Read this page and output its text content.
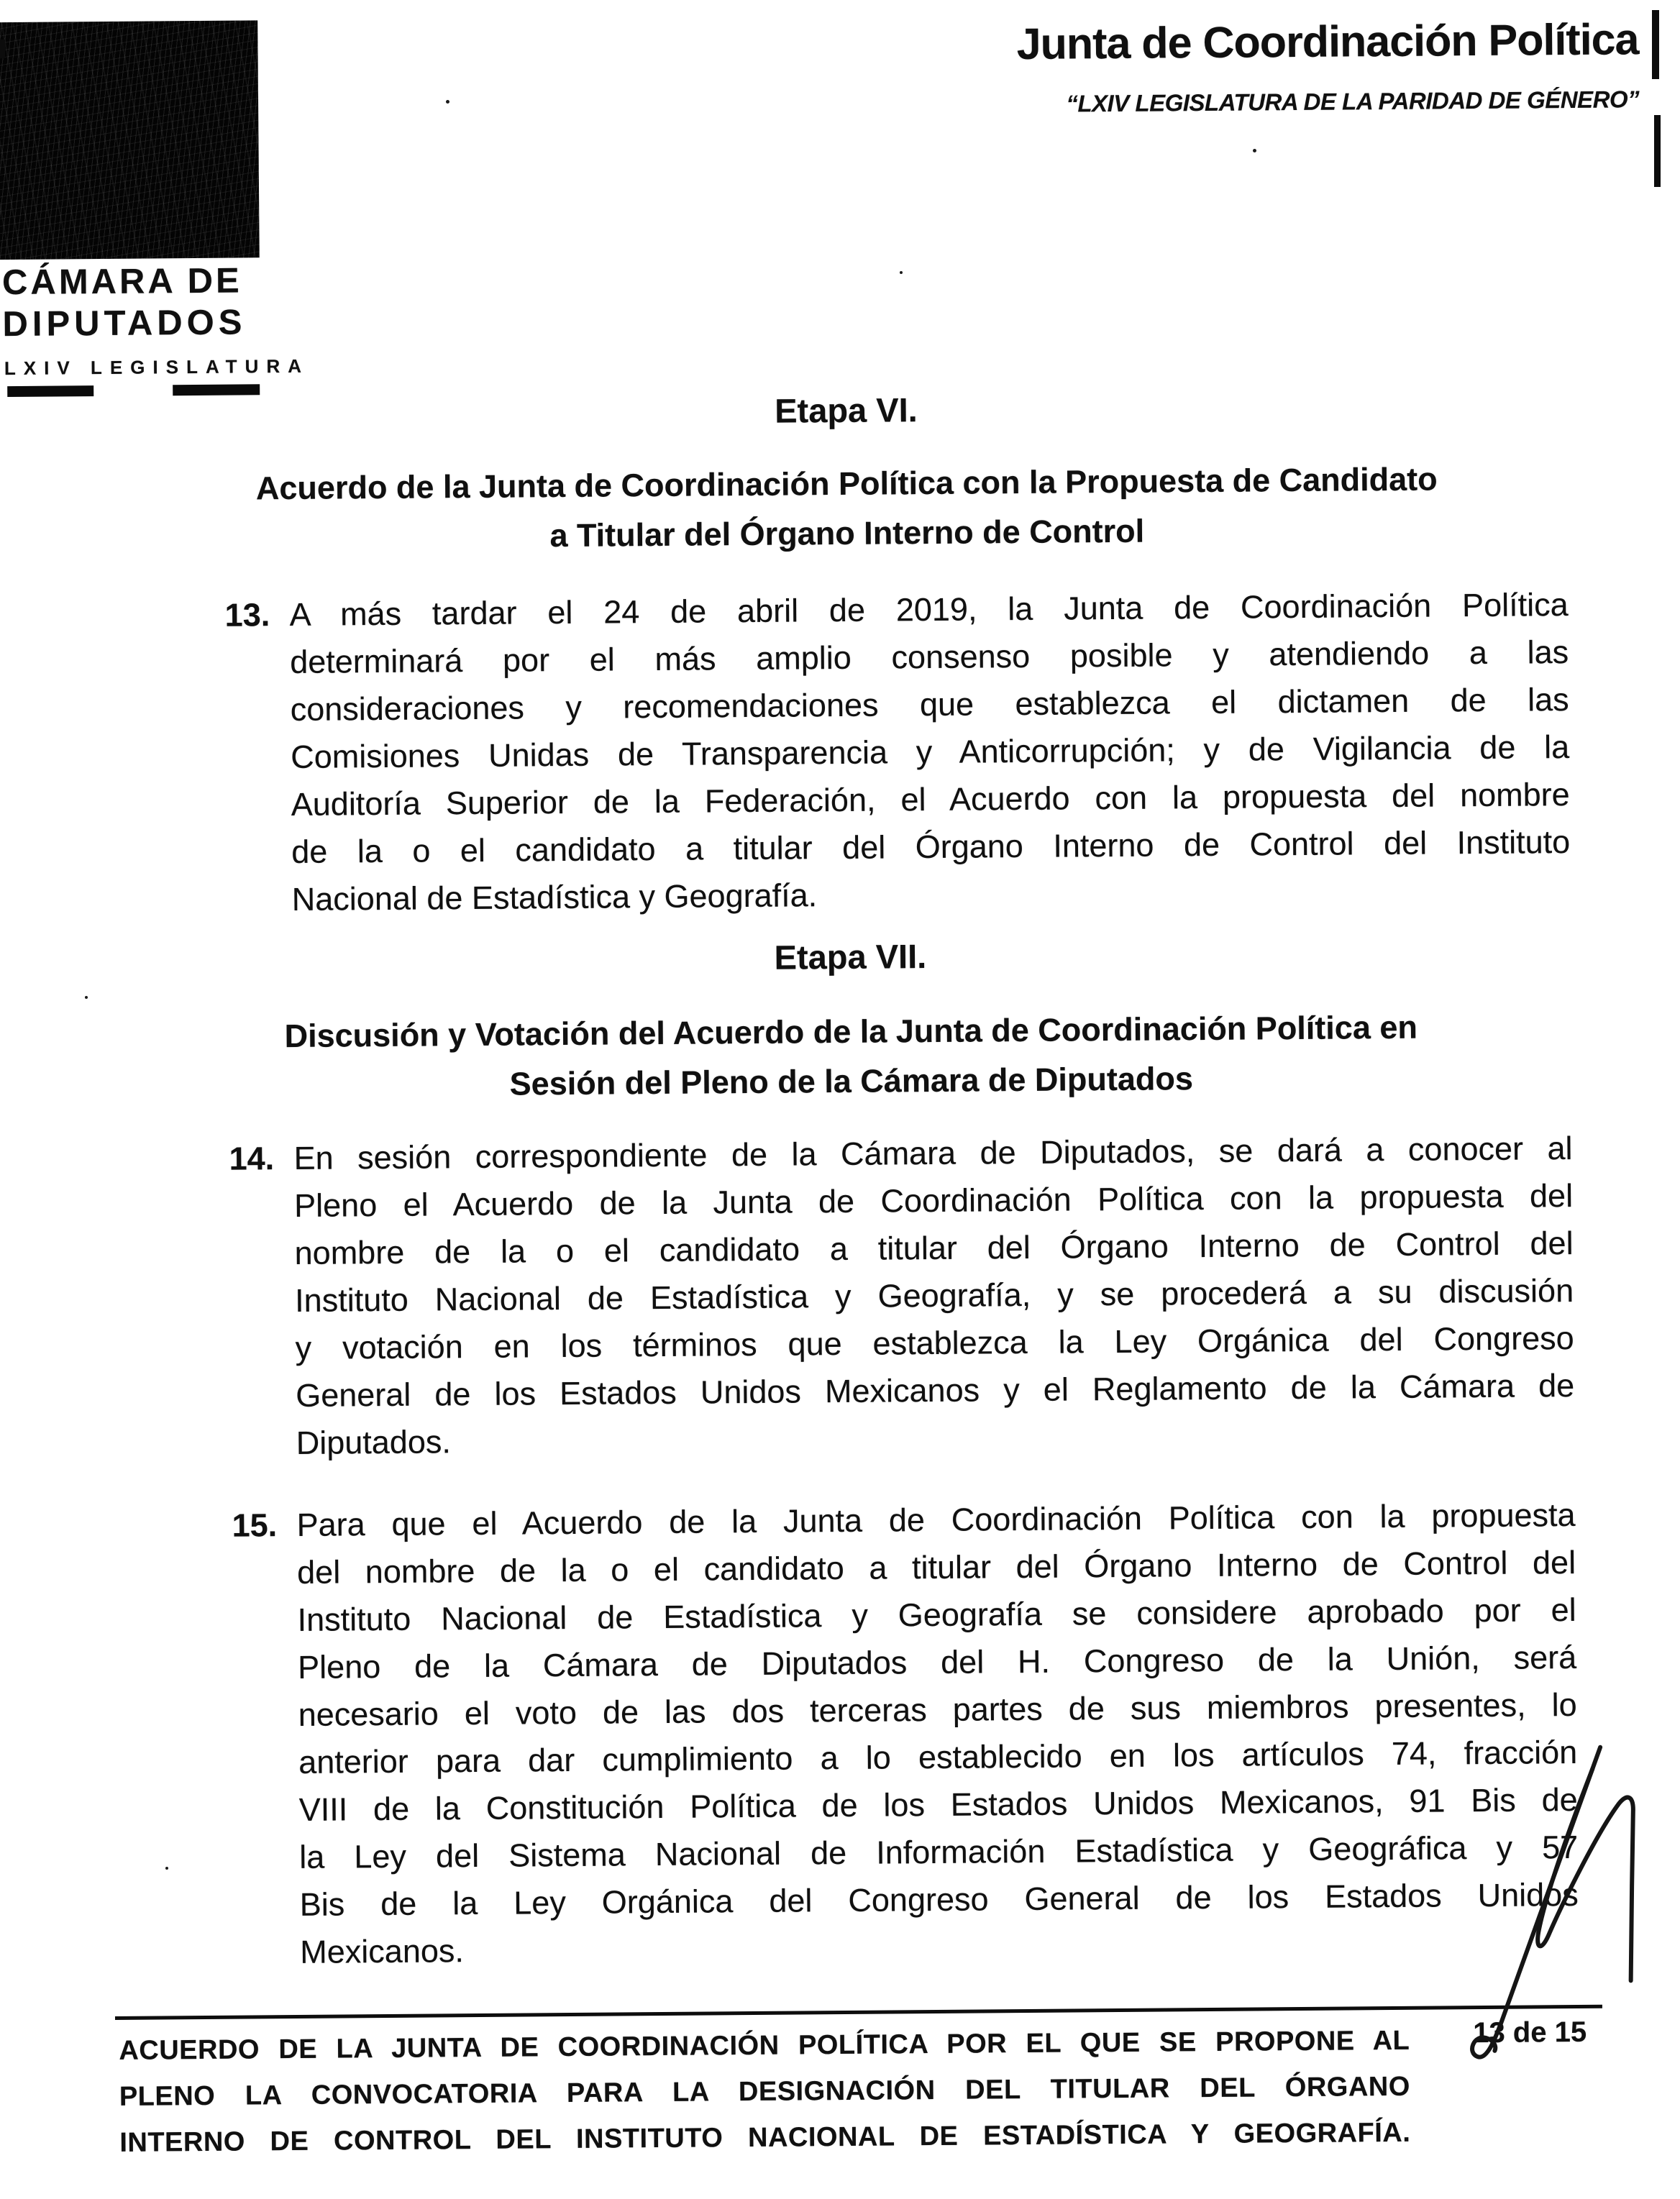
CÁMARA DE
DIPUTADOS
LXIV LEGISLATURA
Junta de Coordinación Política
“LXIV LEGISLATURA DE LA PARIDAD DE GÉNERO”
Etapa VI.
Acuerdo de la Junta de Coordinación Política con la Propuesta de Candidato
a Titular del Órgano Interno de Control
13. A más tardar el 24 de abril de 2019, la Junta de Coordinación Política
determinará por el más amplio consenso posible y atendiendo a las
consideraciones y recomendaciones que establezca el dictamen de las
Comisiones Unidas de Transparencia y Anticorrupción; y de Vigilancia de la
Auditoría Superior de la Federación, el Acuerdo con la propuesta del nombre
de la o el candidato a titular del Órgano Interno de Control del Instituto
Nacional de Estadística y Geografía.
Etapa VII.
Discusión y Votación del Acuerdo de la Junta de Coordinación Política en
Sesión del Pleno de la Cámara de Diputados
14. En sesión correspondiente de la Cámara de Diputados, se dará a conocer al
Pleno el Acuerdo de la Junta de Coordinación Política con la propuesta del
nombre de la o el candidato a titular del Órgano Interno de Control del
Instituto Nacional de Estadística y Geografía, y se procederá a su discusión
y votación en los términos que establezca la Ley Orgánica del Congreso
General de los Estados Unidos Mexicanos y el Reglamento de la Cámara de
Diputados.
15. Para que el Acuerdo de la Junta de Coordinación Política con la propuesta
del nombre de la o el candidato a titular del Órgano Interno de Control del
Instituto Nacional de Estadística y Geografía se considere aprobado por el
Pleno de la Cámara de Diputados del H. Congreso de la Unión, será
necesario el voto de las dos terceras partes de sus miembros presentes, lo
anterior para dar cumplimiento a lo establecido en los artículos 74, fracción
VIII de la Constitución Política de los Estados Unidos Mexicanos, 91 Bis de
la Ley del Sistema Nacional de Información Estadística y Geográfica y 57
Bis de la Ley Orgánica del Congreso General de los Estados Unidos
Mexicanos.
ACUERDO DE LA JUNTA DE COORDINACIÓN POLÍTICA POR EL QUE SE PROPONE AL
PLENO LA CONVOCATORIA PARA LA DESIGNACIÓN DEL TITULAR DEL ÓRGANO
INTERNO DE CONTROL DEL INSTITUTO NACIONAL DE ESTADÍSTICA Y GEOGRAFÍA.
13 de 15
